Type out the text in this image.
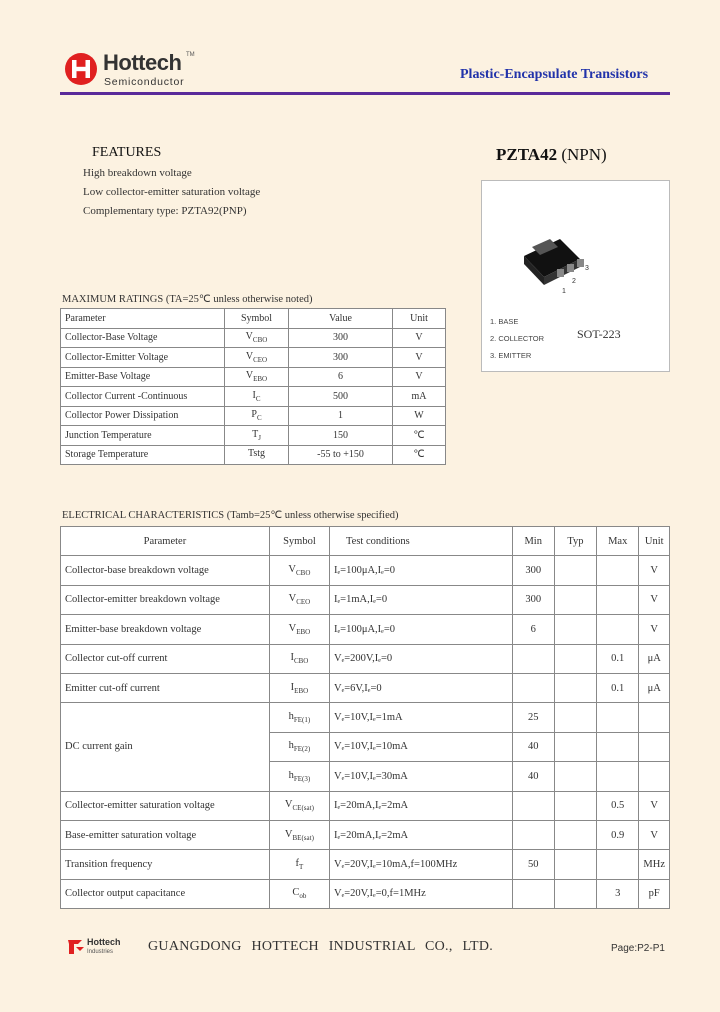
Hottech TM
Semiconductor	Plastic-Encapsulate Transistors
FEATURES
High breakdown voltage
Low collector-emitter saturation voltage
Complementary type: PZTA92(PNP)
PZTA42 (NPN)
1
2
3
1. BASE
2. COLLECTOR
3. EMITTER
SOT-223
MAXIMUM RATINGS (TA=25℃ unless otherwise noted)
Parameter	Symbol	Value	Unit
Collector-Base Voltage	$V_{CBO}$	300	V
Collector-Emitter Voltage	$V_{CEO}$	300	V
Emitter-Base Voltage	$V_{EBO}$	6	V
Collector Current -Continuous	$I_C$	500	mA
Collector Power Dissipation	$P_C$	1	W
Junction Temperature	$T_J$	150	℃
Storage Temperature	Tstg	-55 to +150	℃
ELECTRICAL CHARACTERISTICS (Tamb=25℃ unless otherwise specified)
Parameter	Symbol	Test conditions	Min	Typ	Max	Unit
Collector-base breakdown voltage	$V_{CBO}$	Iₑ=100μA,Iₑ=0	300			V
Collector-emitter breakdown voltage	$V_{CEO}$	Iₑ=1mA,Iₑ=0	300			V
Emitter-base breakdown voltage	$V_{EBO}$	Iₑ=100μA,Iₑ=0	6			V
Collector cut-off current	$I_{CBO}$	Vₑ=200V,Iₑ=0			0.1	μA
Emitter cut-off current	$I_{EBO}$	Vₑ=6V,Iₑ=0			0.1	μA
DC current gain	$h_{FE(1)}$	Vₑ=10V,Iₑ=1mA	25			
	$h_{FE(2)}$	Vₑ=10V,Iₑ=10mA	40			
	$h_{FE(3)}$	Vₑ=10V,Iₑ=30mA	40			
Collector-emitter saturation voltage	$V_{CE(sat)}$	Iₑ=20mA,Iₑ=2mA			0.5	V
Base-emitter saturation voltage	$V_{BE(sat)}$	Iₑ=20mA,Iₑ=2mA			0.9	V
Transition frequency	$f_T$	Vₑ=20V,Iₑ=10mA,f=100MHz	50			MHz
Collector output capacitance	$C_{ob}$	Vₑ=20V,Iₑ=0,f=1MHz			3	pF
Hottech
Industries GUANGDONG HOTTECH INDUSTRIAL CO., LTD.	Page:P2-P1
